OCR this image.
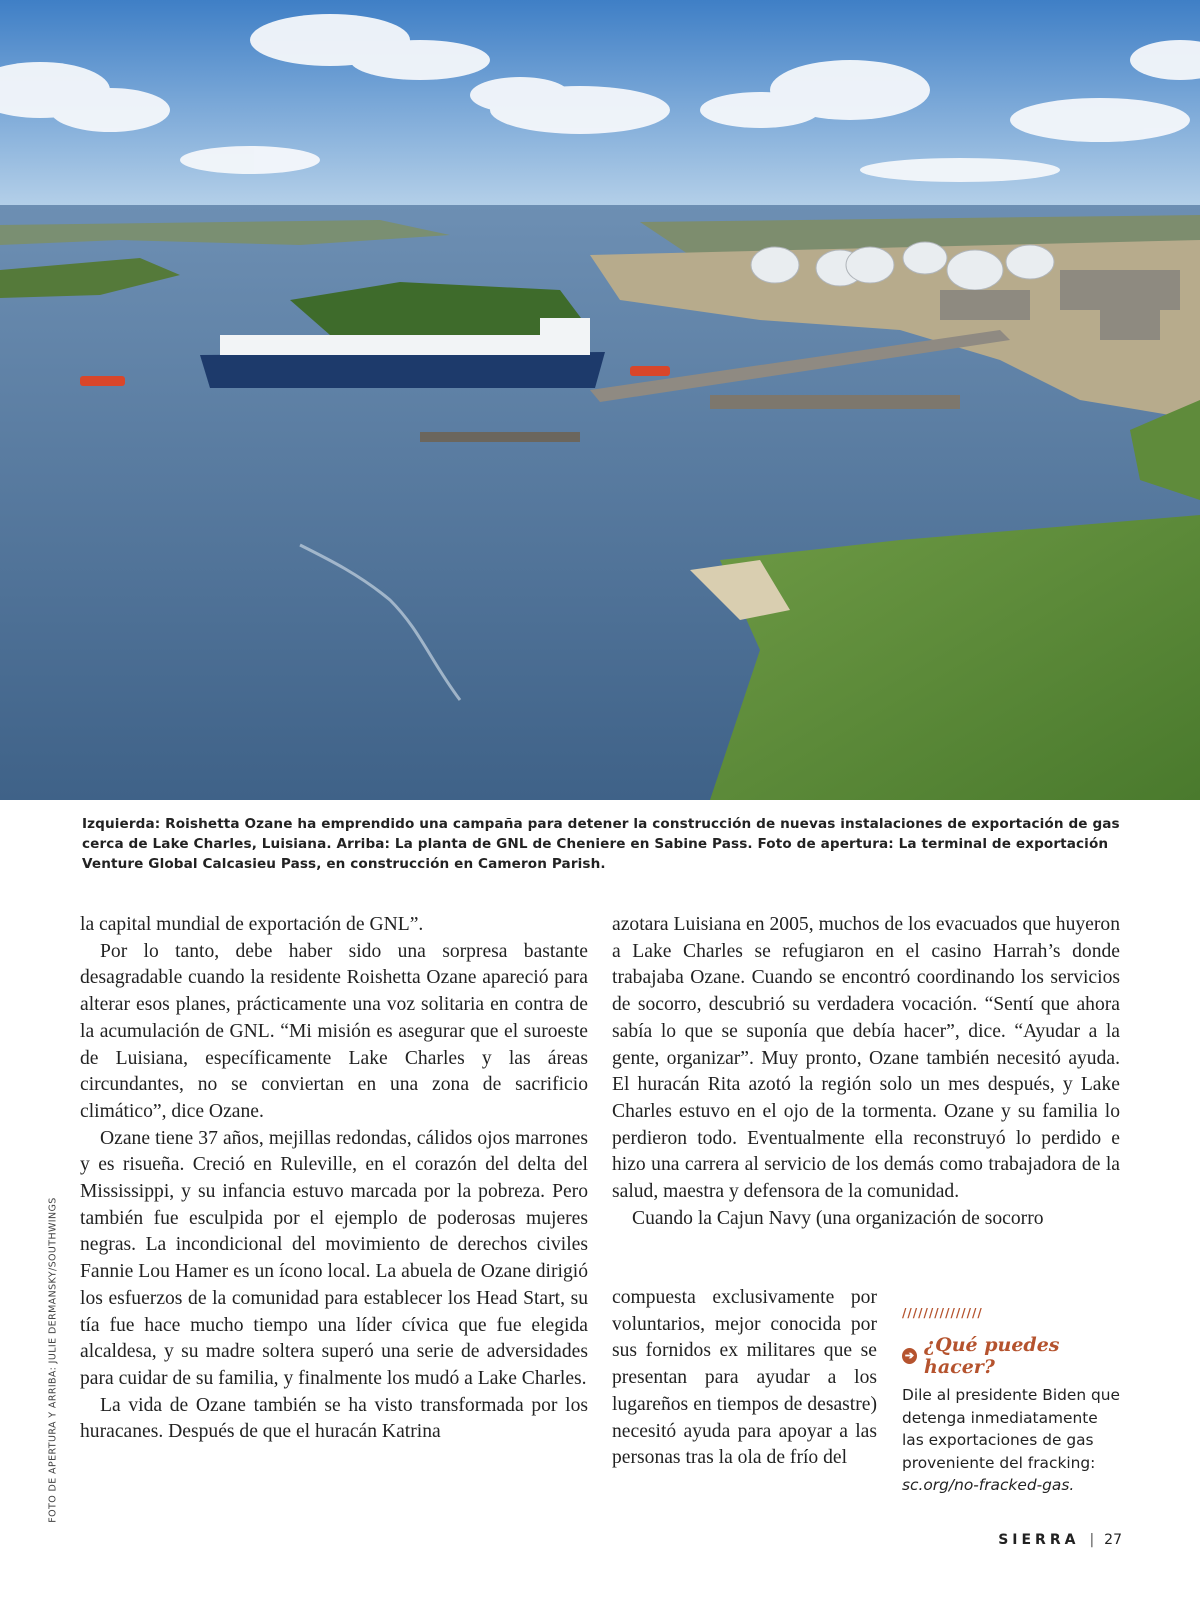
Izquierda: Roishetta Ozane ha emprendido una campaña para detener la construcción de nuevas instalaciones de exportación de gas cerca de Lake Charles, Luisiana. Arriba: La planta de GNL de Cheniere en Sabine Pass. Foto de apertura: La terminal de exportación Venture Global Calcasieu Pass, en construcción en Cameron Parish.
FOTO DE APERTURA Y ARRIBA: JULIE DERMANSKY/SOUTHWINGS

la capital mundial de exportación de GNL”.

Por lo tanto, debe haber sido una sorpresa bastante desagradable cuando la residente Roishetta Ozane apareció para alterar esos planes, prácticamente una voz solitaria en contra de la acumulación de GNL. “Mi misión es asegurar que el suroeste de Luisiana, específicamente Lake Charles y las áreas circundantes, no se conviertan en una zona de sacrificio climático”, dice Ozane.

Ozane tiene 37 años, mejillas redondas, cálidos ojos marrones y es risueña. Creció en Ruleville, en el corazón del delta del Mississippi, y su infancia estuvo marcada por la pobreza. Pero también fue esculpida por el ejemplo de poderosas mujeres negras. La incondicional del movimiento de derechos civiles Fannie Lou Hamer es un ícono local. La abuela de Ozane dirigió los esfuerzos de la comunidad para establecer los Head Start, su tía fue hace mucho tiempo una líder cívica que fue elegida alcaldesa, y su madre soltera superó una serie de adversidades para cuidar de su familia, y finalmente los mudó a Lake Charles.

La vida de Ozane también se ha visto transformada por los huracanes. Después de que el huracán Katrina

azotara Luisiana en 2005, muchos de los evacuados que huyeron a Lake Charles se refugiaron en el casino Harrah’s donde trabajaba Ozane. Cuando se encontró coordinando los servicios de socorro, descubrió su verdadera vocación. “Sentí que ahora sabía lo que se suponía que debía hacer”, dice. “Ayudar a la gente, organizar”. Muy pronto, Ozane también necesitó ayuda. El huracán Rita azotó la región solo un mes después, y Lake Charles estuvo en el ojo de la tormenta. Ozane y su familia lo perdieron todo. Eventualmente ella reconstruyó lo perdido e hizo una carrera al servicio de los demás como trabajadora de la salud, maestra y defensora de la comunidad.

Cuando la Cajun Navy (una organización de socorro

compuesta exclusivamente por voluntarios, mejor conocida por sus fornidos ex militares que se presentan para ayudar a los lugareños en tiempos de desastre) necesitó ayuda para apoyar a las personas tras la ola de frío del

///////////////
➔ ¿Qué puedes hacer?
Dile al presidente Biden que detenga inmediatamente las exportaciones de gas proveniente del fracking: sc.org/no-fracked-gas.
SIERRA | 27
